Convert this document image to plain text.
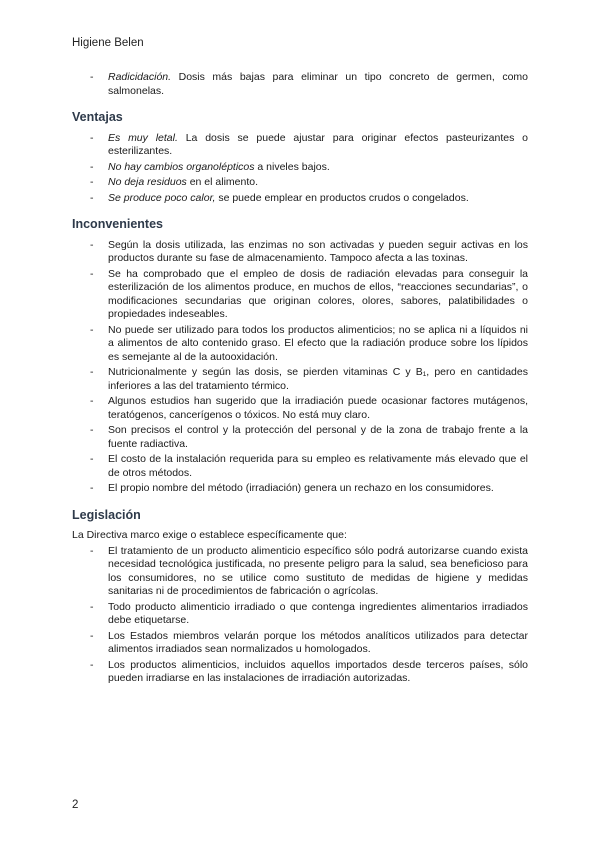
Higiene Belen
- Radicidación. Dosis más bajas para eliminar un tipo concreto de germen, como salmonelas.
Ventajas
- Es muy letal. La dosis se puede ajustar para originar efectos pasteurizantes o esterilizantes.
- No hay cambios organolépticos a niveles bajos.
- No deja residuos en el alimento.
- Se produce poco calor, se puede emplear en productos crudos o congelados.
Inconvenientes
- Según la dosis utilizada, las enzimas no son activadas y pueden seguir activas en los productos durante su fase de almacenamiento. Tampoco afecta a las toxinas.
- Se ha comprobado que el empleo de dosis de radiación elevadas para conseguir la esterilización de los alimentos produce, en muchos de ellos, “reacciones secundarias”, o modificaciones secundarias que originan colores, olores, sabores, palatibilidades o propiedades indeseables.
- No puede ser utilizado para todos los productos alimenticios; no se aplica ni a líquidos ni a alimentos de alto contenido graso. El efecto que la radiación produce sobre los lípidos es semejante al de la autooxidación.
- Nutricionalmente y según las dosis, se pierden vitaminas C y B₁, pero en cantidades inferiores a las del tratamiento térmico.
- Algunos estudios han sugerido que la irradiación puede ocasionar factores mutágenos, teratógenos, cancerígenos o tóxicos. No está muy claro.
- Son precisos el control y la protección del personal y de la zona de trabajo frente a la fuente radiactiva.
- El costo de la instalación requerida para su empleo es relativamente más elevado que el de otros métodos.
- El propio nombre del método (irradiación) genera un rechazo en los consumidores.
Legislación
La Directiva marco exige o establece específicamente que:
- El tratamiento de un producto alimenticio específico sólo podrá autorizarse cuando exista necesidad tecnológica justificada, no presente peligro para la salud, sea beneficioso para los consumidores, no se utilice como sustituto de medidas de higiene y medidas sanitarias ni de procedimientos de fabricación o agrícolas.
- Todo producto alimenticio irradiado o que contenga ingredientes alimentarios irradiados debe etiquetarse.
- Los Estados miembros velarán porque los métodos analíticos utilizados para detectar alimentos irradiados sean normalizados u homologados.
- Los productos alimenticios, incluidos aquellos importados desde terceros países, sólo pueden irradiarse en las instalaciones de irradiación autorizadas.
2
